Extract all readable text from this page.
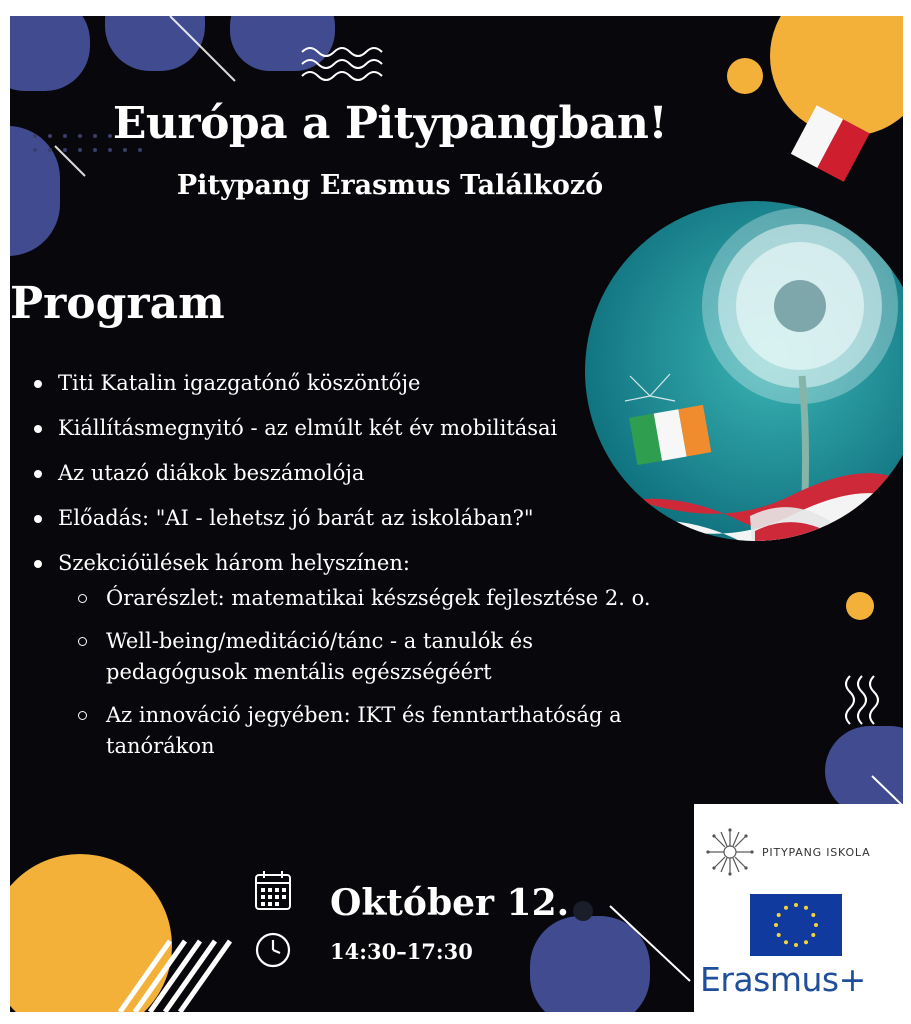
Európa a Pitypangban!
Pitypang Erasmus Találkozó
Program
Titi Katalin igazgatónő köszöntője
Kiállításmegnyitó - az elmúlt két év mobilitásai
Az utazó diákok beszámolója
Előadás: "AI - lehetsz jó barát az iskolában?"
Szekcióülések három helyszínen:
Órarészlet: matematikai készségek fejlesztése 2. o.
Well-being/meditáció/tánc - a tanulók és pedagógusok mentális egészségéért
Az innováció jegyében: IKT és fenntarthatóság a tanórákon

Október 12.

14:30–17:30

PITYPANG ISKOLA
Erasmus+
